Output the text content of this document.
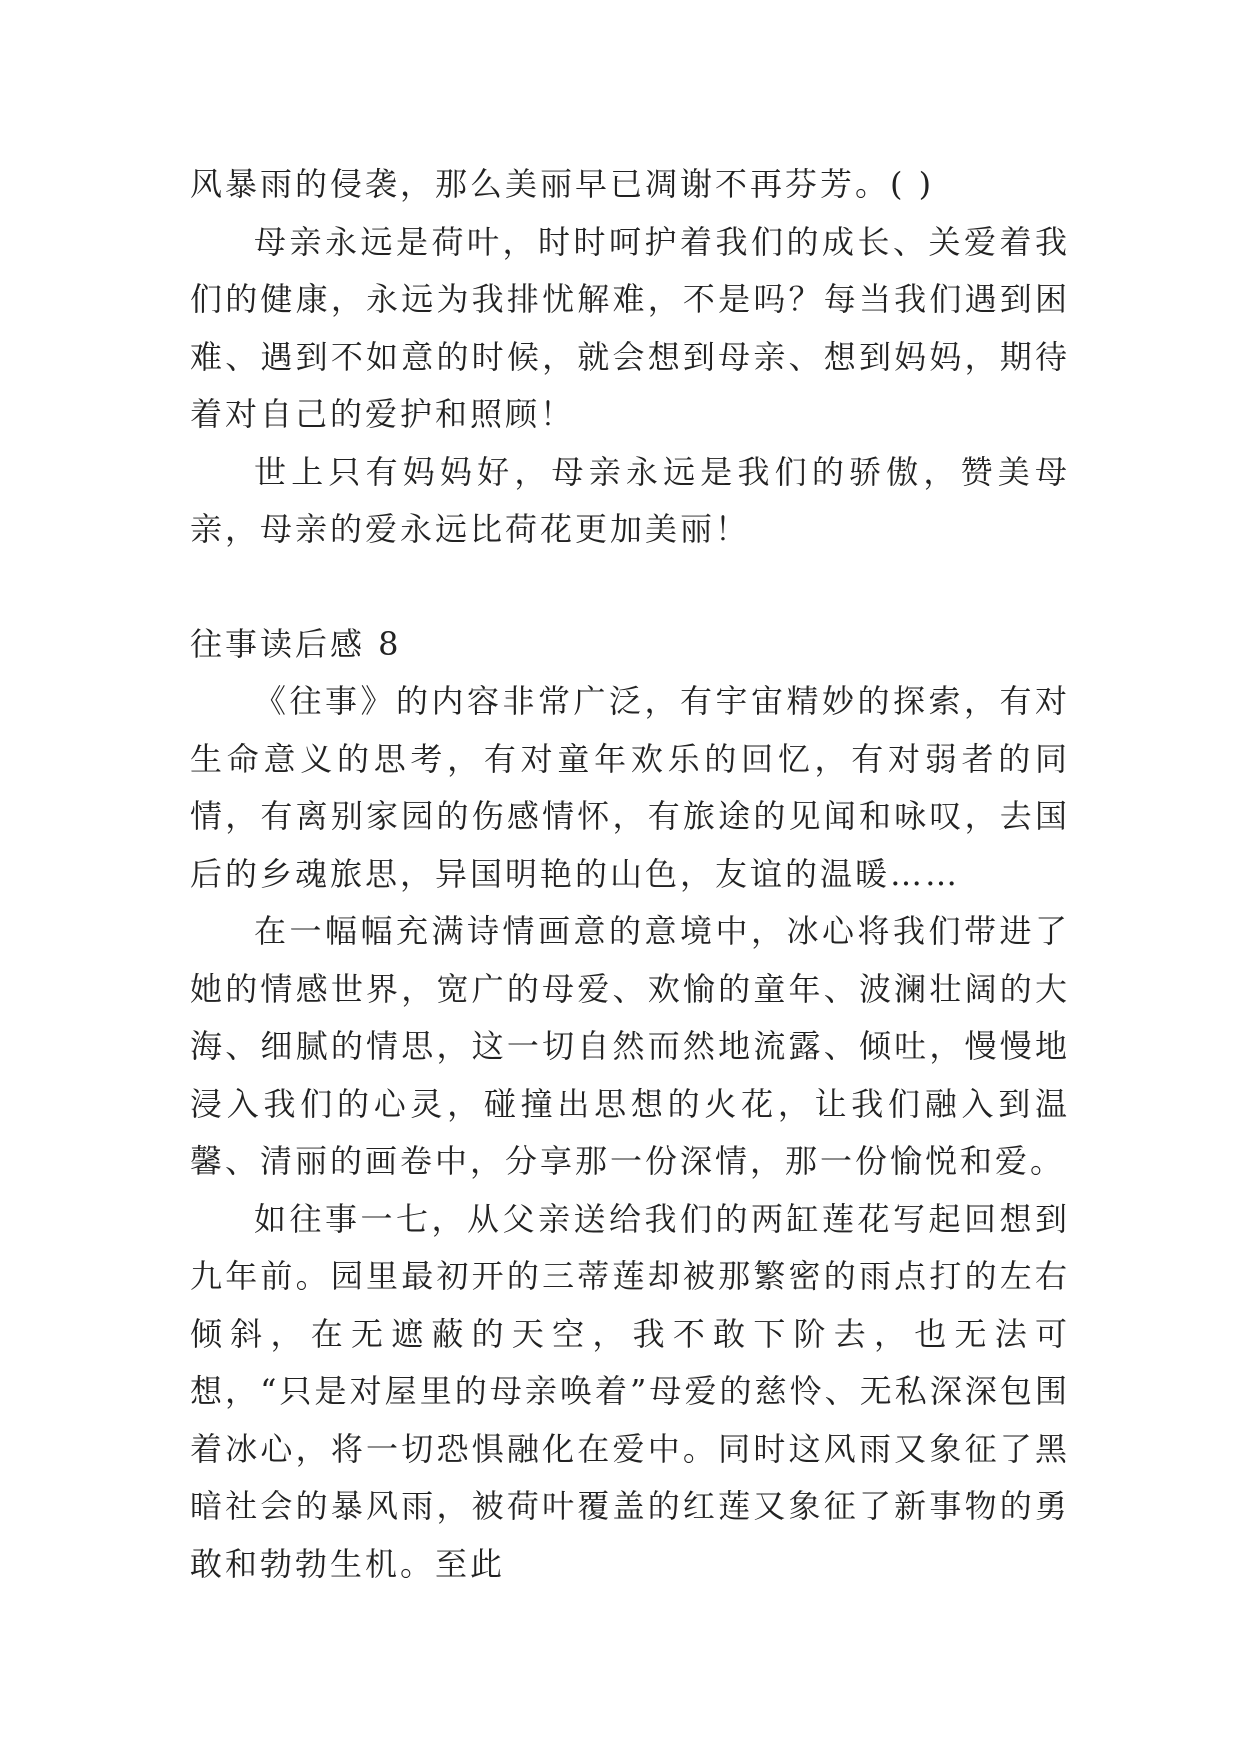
风暴雨的侵袭，那么美丽早已凋谢不再芬芳。( )

母亲永远是荷叶，时时呵护着我们的成长、关爱着我们的健康，永远为我排忧解难，不是吗？每当我们遇到困难、遇到不如意的时候，就会想到母亲、想到妈妈，期待着对自己的爱护和照顾！

世上只有妈妈好，母亲永远是我们的骄傲，赞美母亲，母亲的爱永远比荷花更加美丽！

往事读后感 8

《往事》的内容非常广泛，有宇宙精妙的探索，有对生命意义的思考，有对童年欢乐的回忆，有对弱者的同情，有离别家园的伤感情怀，有旅途的见闻和咏叹，去国后的乡魂旅思，异国明艳的山色，友谊的温暖……

在一幅幅充满诗情画意的意境中，冰心将我们带进了她的情感世界，宽广的母爱、欢愉的童年、波澜壮阔的大海、细腻的情思，这一切自然而然地流露、倾吐，慢慢地浸入我们的心灵，碰撞出思想的火花，让我们融入到温馨、清丽的画卷中，分享那一份深情，那一份愉悦和爱。

如往事一七，从父亲送给我们的两缸莲花写起回想到九年前。园里最初开的三蒂莲却被那繁密的雨点打的左右倾斜，在无遮蔽的天空，我不敢下阶去，也无法可想，“只是对屋里的母亲唤着”母爱的慈怜、无私深深包围着冰心，将一切恐惧融化在爱中。同时这风雨又象征了黑暗社会的暴风雨，被荷叶覆盖的红莲又象征了新事物的勇敢和勃勃生机。至此
